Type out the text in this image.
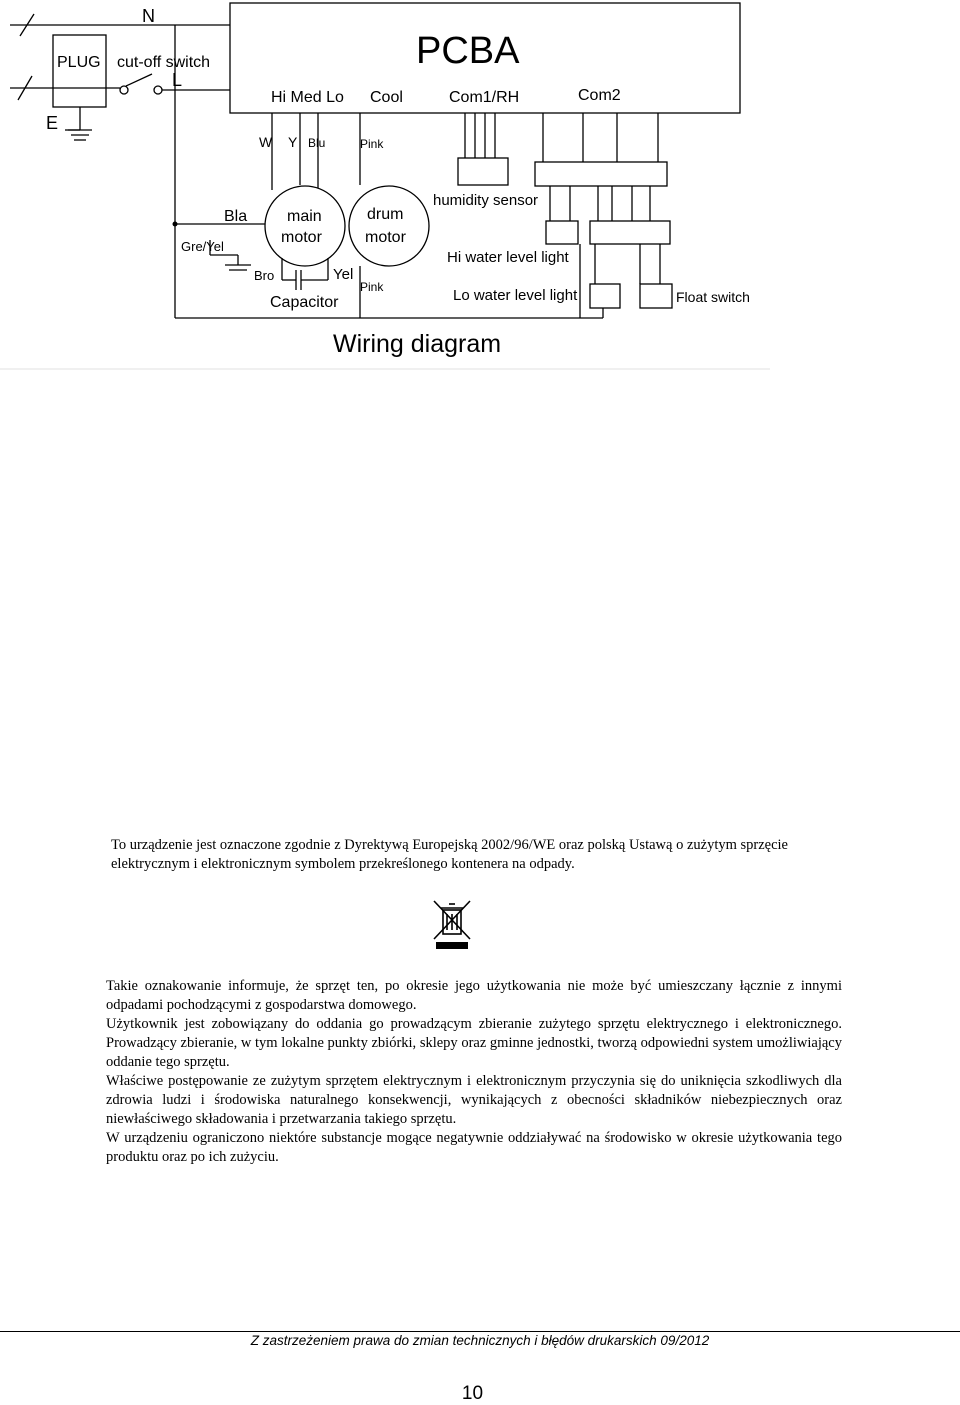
PCBA
N
L
E
PLUG cut-off switch
Hi Med Lo Cool	Com1/RH	Com2
W Y Blu	Pink
Bla
Gre/Yel
main
motor
drum
motor
Bro	Yel
Pink
Capacitor
humidity sensor
Hi water level light
Lo water level light	Float switch
Wiring diagram
To urządzenie jest oznaczone zgodnie z Dyrektywą Europejską 2002/96/WE oraz polską Ustawą o zużytym sprzęcie elektrycznym i elektronicznym symbolem przekreślonego kontenera na odpady.

Takie oznakowanie informuje, że sprzęt ten, po okresie jego użytkowania nie może być umieszczany łącznie z innymi odpadami pochodzącymi z gospodarstwa domowego.

Użytkownik jest zobowiązany do oddania go prowadzącym zbieranie zużytego sprzętu elektrycznego i elektronicznego. Prowadzący zbieranie, w tym lokalne punkty zbiórki, sklepy oraz gminne jednostki, tworzą odpowiedni system umożliwiający oddanie tego sprzętu.

Właściwe postępowanie ze zużytym sprzętem elektrycznym i elektronicznym przyczynia się do uniknięcia szkodliwych dla zdrowia ludzi i środowiska naturalnego konsekwencji, wynikających z obecności składników niebezpiecznych oraz niewłaściwego składowania i przetwarzania takiego sprzętu.

W urządzeniu ograniczono niektóre substancje mogące negatywnie oddziaływać na środowisko w okresie użytkowania tego produktu oraz po ich zużyciu.

Z zastrzeżeniem prawa do zmian technicznych i błędów drukarskich 09/2012
10
